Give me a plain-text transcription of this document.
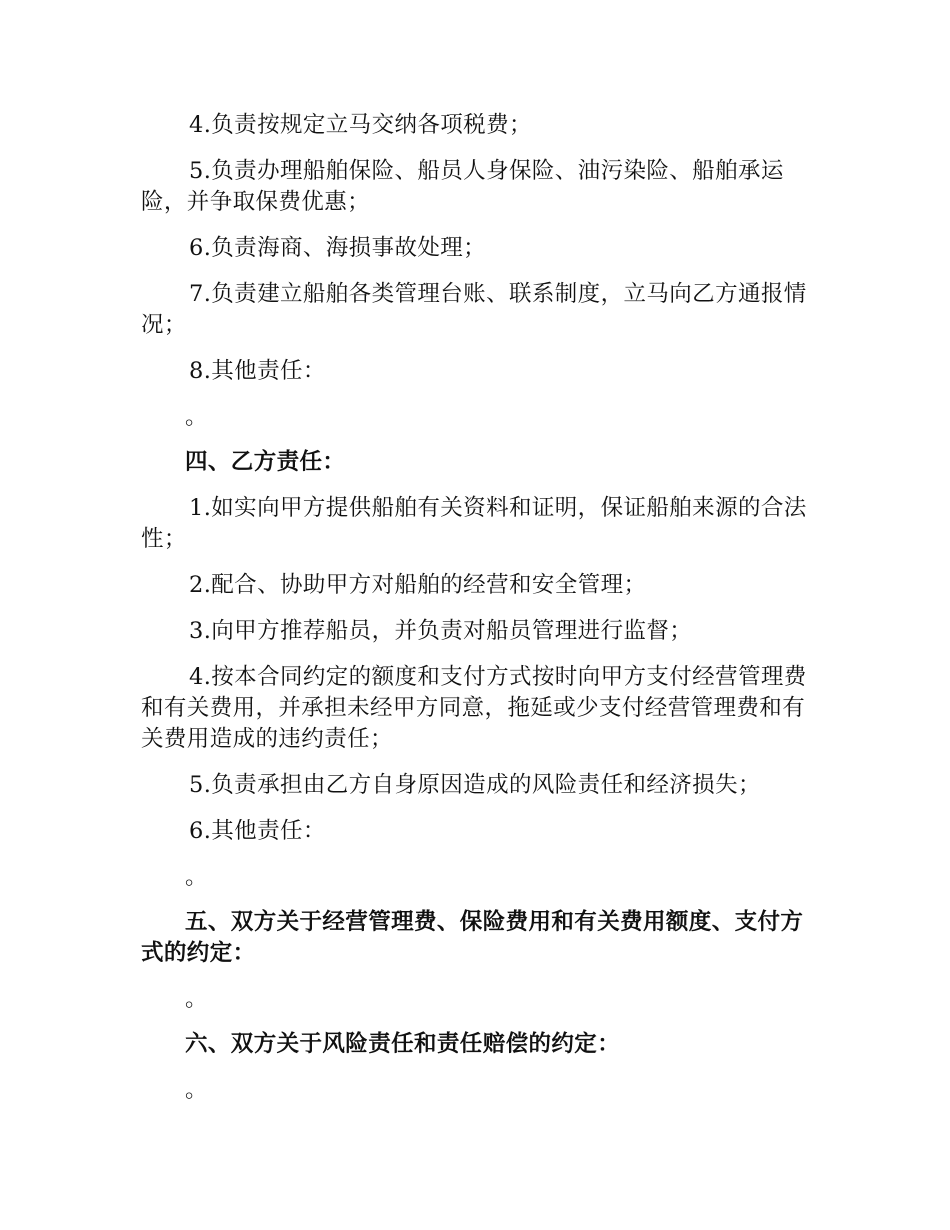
4.负责按规定立马交纳各项税费；

5.负责办理船舶保险、船员人身保险、油污染险、船舶承运险，并争取保费优惠；

6.负责海商、海损事故处理；

7.负责建立船舶各类管理台账、联系制度，立马向乙方通报情况；

8.其他责任：

。

四、乙方责任：

1.如实向甲方提供船舶有关资料和证明，保证船舶来源的合法性；

2.配合、协助甲方对船舶的经营和安全管理；

3.向甲方推荐船员，并负责对船员管理进行监督；

4.按本合同约定的额度和支付方式按时向甲方支付经营管理费和有关费用，并承担未经甲方同意，拖延或少支付经营管理费和有关费用造成的违约责任；

5.负责承担由乙方自身原因造成的风险责任和经济损失；

6.其他责任：

。

五、双方关于经营管理费、保险费用和有关费用额度、支付方式的约定：

。

六、双方关于风险责任和责任赔偿的约定：

。
